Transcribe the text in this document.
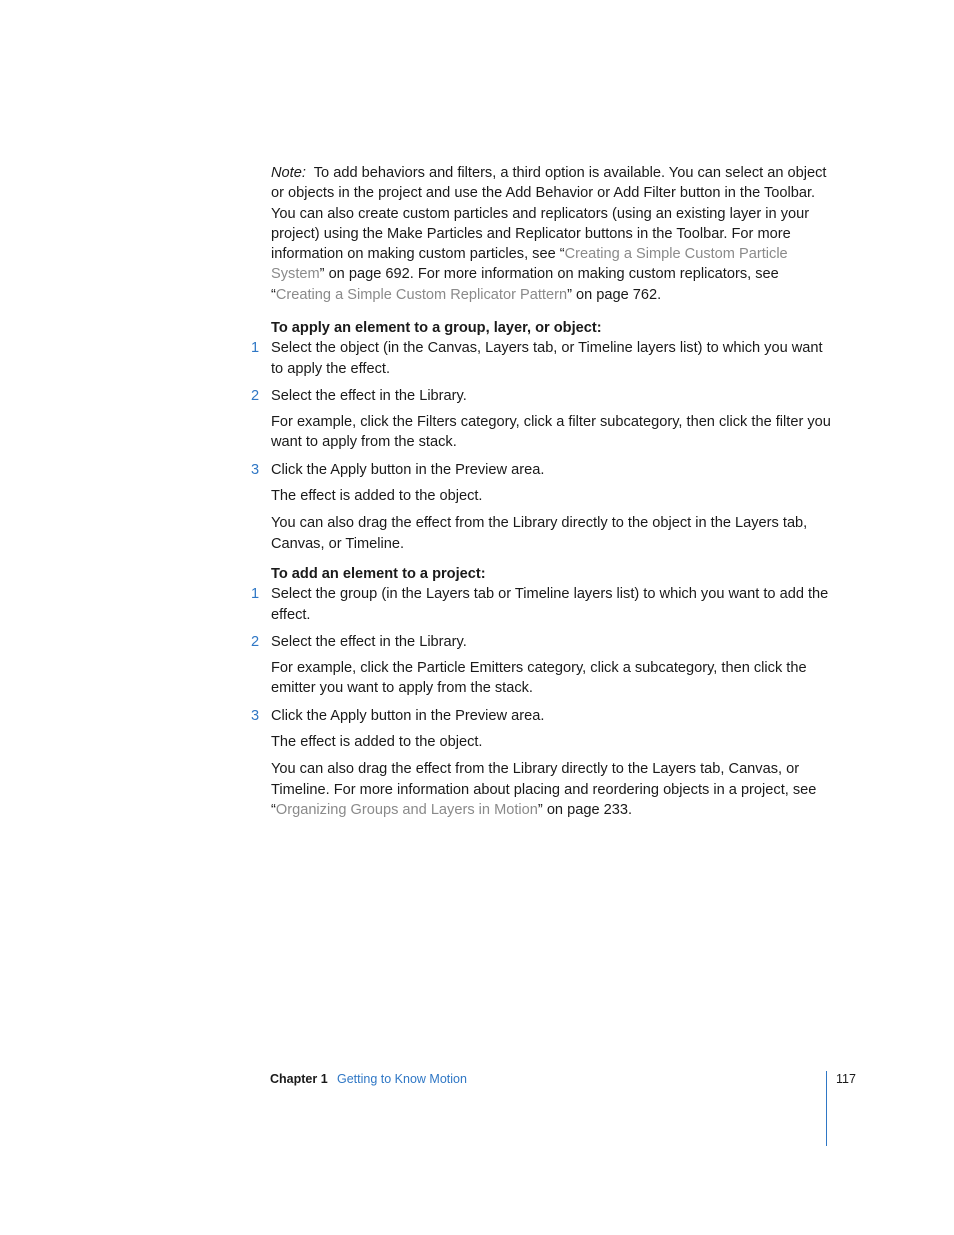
Note: To add behaviors and filters, a third option is available. You can select an object or objects in the project and use the Add Behavior or Add Filter button in the Toolbar. You can also create custom particles and replicators (using an existing layer in your project) using the Make Particles and Replicator buttons in the Toolbar. For more information on making custom particles, see “Creating a Simple Custom Particle System” on page 692. For more information on making custom replicators, see “Creating a Simple Custom Replicator Pattern” on page 762.

To apply an element to a group, layer, or object:

1 Select the object (in the Canvas, Layers tab, or Timeline layers list) to which you want to apply the effect.

2 Select the effect in the Library.

For example, click the Filters category, click a filter subcategory, then click the filter you want to apply from the stack.

3 Click the Apply button in the Preview area.

The effect is added to the object.

You can also drag the effect from the Library directly to the object in the Layers tab, Canvas, or Timeline.

To add an element to a project:

1 Select the group (in the Layers tab or Timeline layers list) to which you want to add the effect.

2 Select the effect in the Library.

For example, click the Particle Emitters category, click a subcategory, then click the emitter you want to apply from the stack.

3 Click the Apply button in the Preview area.

The effect is added to the object.

You can also drag the effect from the Library directly to the Layers tab, Canvas, or Timeline. For more information about placing and reordering objects in a project, see “Organizing Groups and Layers in Motion” on page 233.

Chapter 1 Getting to Know Motion	117
